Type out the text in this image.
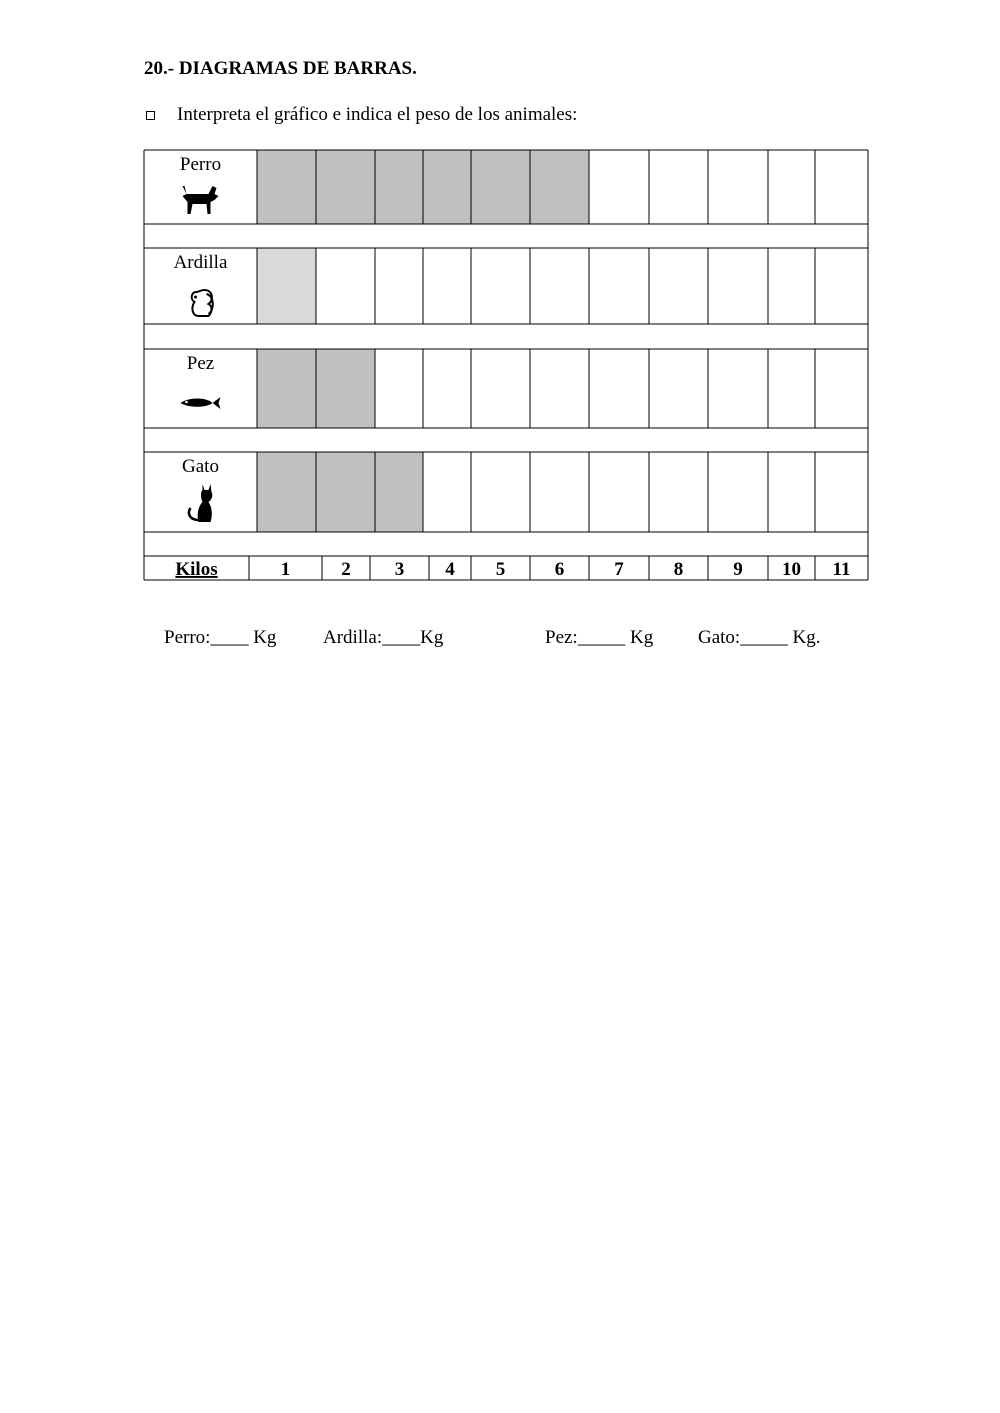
20.- DIAGRAMAS DE BARRAS.
Interpreta el gráfico e indica el peso de los animales:
Perro
Ardilla
Pez
Gato
Kilos	1	2 3 4 5	6	7	8	9 10 11
Perro:____ Kg Ardilla:____Kg	Pez:_____ Kg Gato:_____ Kg.
